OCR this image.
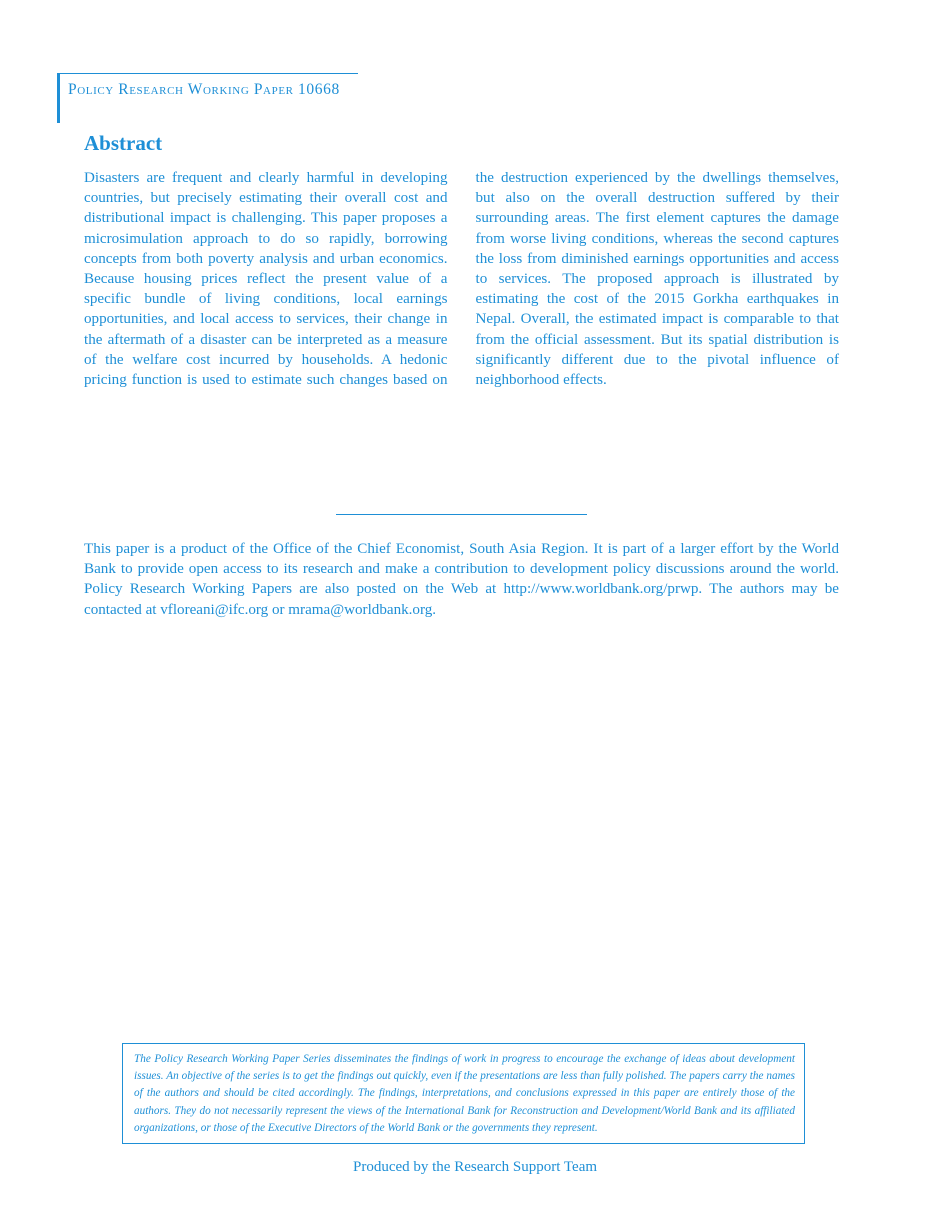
Policy Research Working Paper 10668
Abstract

Disasters are frequent and clearly harmful in developing countries, but precisely estimating their overall cost and distributional impact is challenging. This paper proposes a microsimulation approach to do so rapidly, borrowing concepts from both poverty analysis and urban economics. Because housing prices reflect the present value of a specific bundle of living conditions, local earnings opportunities, and local access to services, their change in the aftermath of a disaster can be interpreted as a measure of the welfare cost incurred by households. A hedonic pricing function is used to estimate such changes based on the destruction experienced by the dwellings themselves, but also on the overall destruction suffered by their surrounding areas. The first element captures the damage from worse living conditions, whereas the second captures the loss from diminished earnings opportunities and access to services. The proposed approach is illustrated by estimating the cost of the 2015 Gorkha earthquakes in Nepal. Overall, the estimated impact is comparable to that from the official assessment. But its spatial distribution is significantly different due to the pivotal influence of neighborhood effects.

This paper is a product of the Office of the Chief Economist, South Asia Region. It is part of a larger effort by the World Bank to provide open access to its research and make a contribution to development policy discussions around the world. Policy Research Working Papers are also posted on the Web at http://www.worldbank.org/prwp. The authors may be contacted at vfloreani@ifc.org or mrama@worldbank.org.

The Policy Research Working Paper Series disseminates the findings of work in progress to encourage the exchange of ideas about development issues. An objective of the series is to get the findings out quickly, even if the presentations are less than fully polished. The papers carry the names of the authors and should be cited accordingly. The findings, interpretations, and conclusions expressed in this paper are entirely those of the authors. They do not necessarily represent the views of the International Bank for Reconstruction and Development/World Bank and its affiliated organizations, or those of the Executive Directors of the World Bank or the governments they represent.

Produced by the Research Support Team
